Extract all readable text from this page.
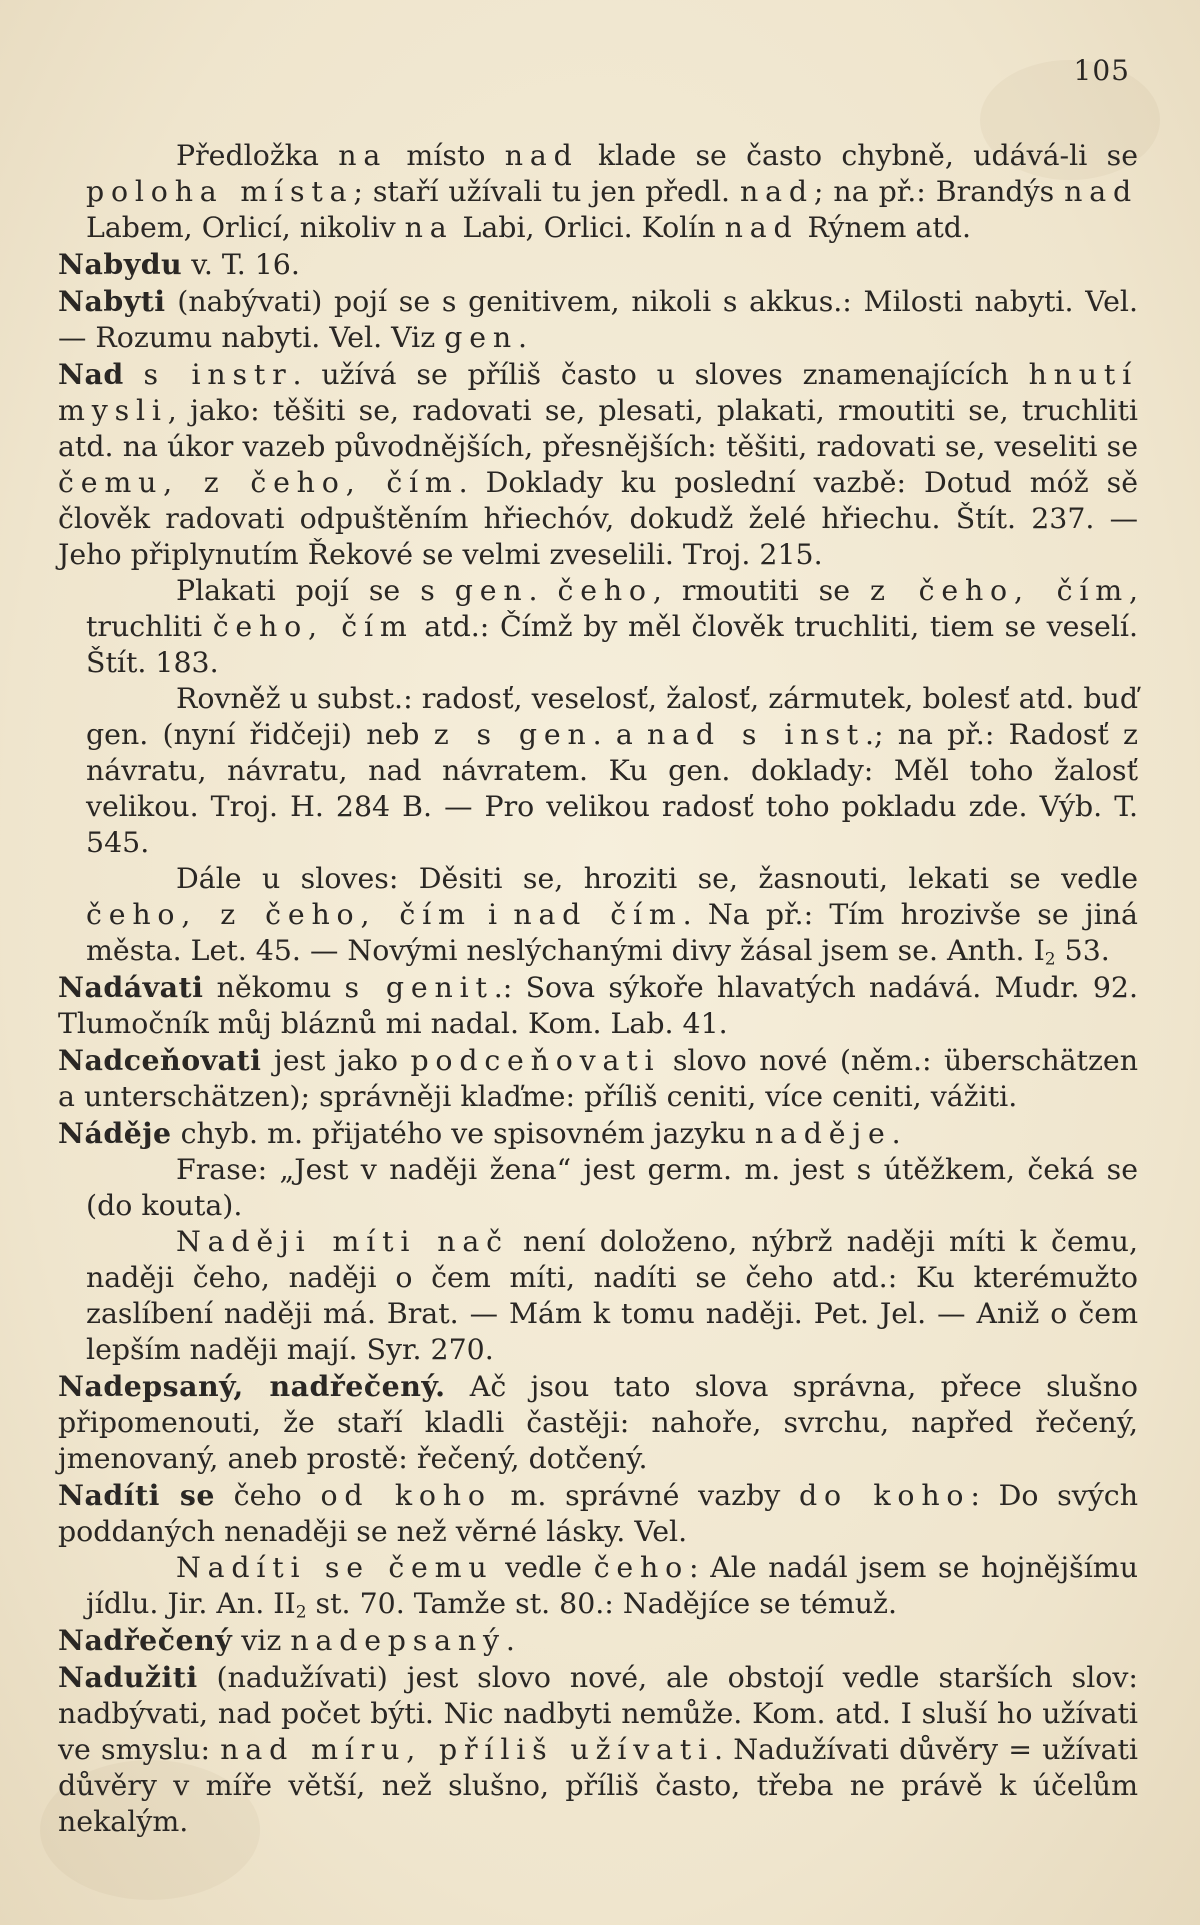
105

Předložka na místo nad klade se často chybně, udává-li se poloha místa; staří užívali tu jen předl. nad; na př.: Brandýs nad Labem, Orlicí, nikoliv na Labi, Orlici. Kolín nad Rýnem atd.

Nabydu v. T. 16.

Nabyti (nabývati) pojí se s genitivem, nikoli s akkus.: Milosti nabyti. Vel. — Rozumu nabyti. Vel. Viz gen.

Nad s instr. užívá se příliš často u sloves znamenajících hnutí mysli, jako: těšiti se, radovati se, plesati, plakati, rmoutiti se, truchliti atd. na úkor vazeb původnějších, přesnějších: těšiti, radovati se, veseliti se čemu, z čeho, čím. Doklady ku poslední vazbě: Dotud móž sě člověk radovati odpuštěním hřiechóv, dokudž želé hřiechu. Štít. 237. — Jeho připlynutím Řekové se velmi zveselili. Troj. 215.

Plakati pojí se s gen. čeho, rmoutiti se z čeho, čím, truchliti čeho, čím atd.: Čímž by měl člověk truchliti, tiem se veselí. Štít. 183.

Rovněž u subst.: radosť, veselosť, žalosť, zármutek, bolesť atd. buď gen. (nyní řidčeji) neb z s gen. a nad s inst.; na př.: Radosť z návratu, návratu, nad návratem. Ku gen. doklady: Měl toho žalosť velikou. Troj. H. 284 B. — Pro velikou radosť toho pokladu zde. Výb. T. 545.

Dále u sloves: Děsiti se, hroziti se, žasnouti, lekati se vedle čeho, z čeho, čím i nad čím. Na př.: Tím hrozivše se jiná města. Let. 45. — Novými neslýchanými divy žásal jsem se. Anth. $I_2$ 53.

Nadávati někomu s genit.: Sova sýkoře hlavatých nadává. Mudr. 92. Tlumočník můj bláznů mi nadal. Kom. Lab. 41.

Nadceňovati jest jako podceňovati slovo nové (něm.: überschätzen a unterschätzen); správněji klaďme: příliš ceniti, více ceniti, vážiti.

Náděje chyb. m. přijatého ve spisovném jazyku naděje.

Frase: „Jest v naději žena“ jest germ. m. jest s útěžkem, čeká se (do kouta).

Naději míti nač není doloženo, nýbrž naději míti k čemu, naději čeho, naději o čem míti, nadíti se čeho atd.: Ku kterémužto zaslíbení naději má. Brat. — Mám k tomu naději. Pet. Jel. — Aniž o čem lepším naději mají. Syr. 270.

Nadepsaný, nadřečený. Ač jsou tato slova správna, přece slušno připomenouti, že staří kladli častěji: nahoře, svrchu, napřed řečený, jmenovaný, aneb prostě: řečený, dotčený.

Nadíti se čeho od koho m. správné vazby do koho: Do svých poddaných nenaději se než věrné lásky. Vel.

Nadíti se čemu vedle čeho: Ale nadál jsem se hojnějšímu jídlu. Jir. An. $II_2$ st. 70. Tamže st. 80.: Nadějíce se témuž.

Nadřečený viz nadepsaný.

Nadužiti (nadužívati) jest slovo nové, ale obstojí vedle starších slov: nadbývati, nad počet býti. Nic nadbyti nemůže. Kom. atd. I sluší ho užívati ve smyslu: nad míru, příliš užívati. Nadužívati důvěry = užívati důvěry v míře větší, než slušno, příliš často, třeba ne právě k účelům nekalým.
